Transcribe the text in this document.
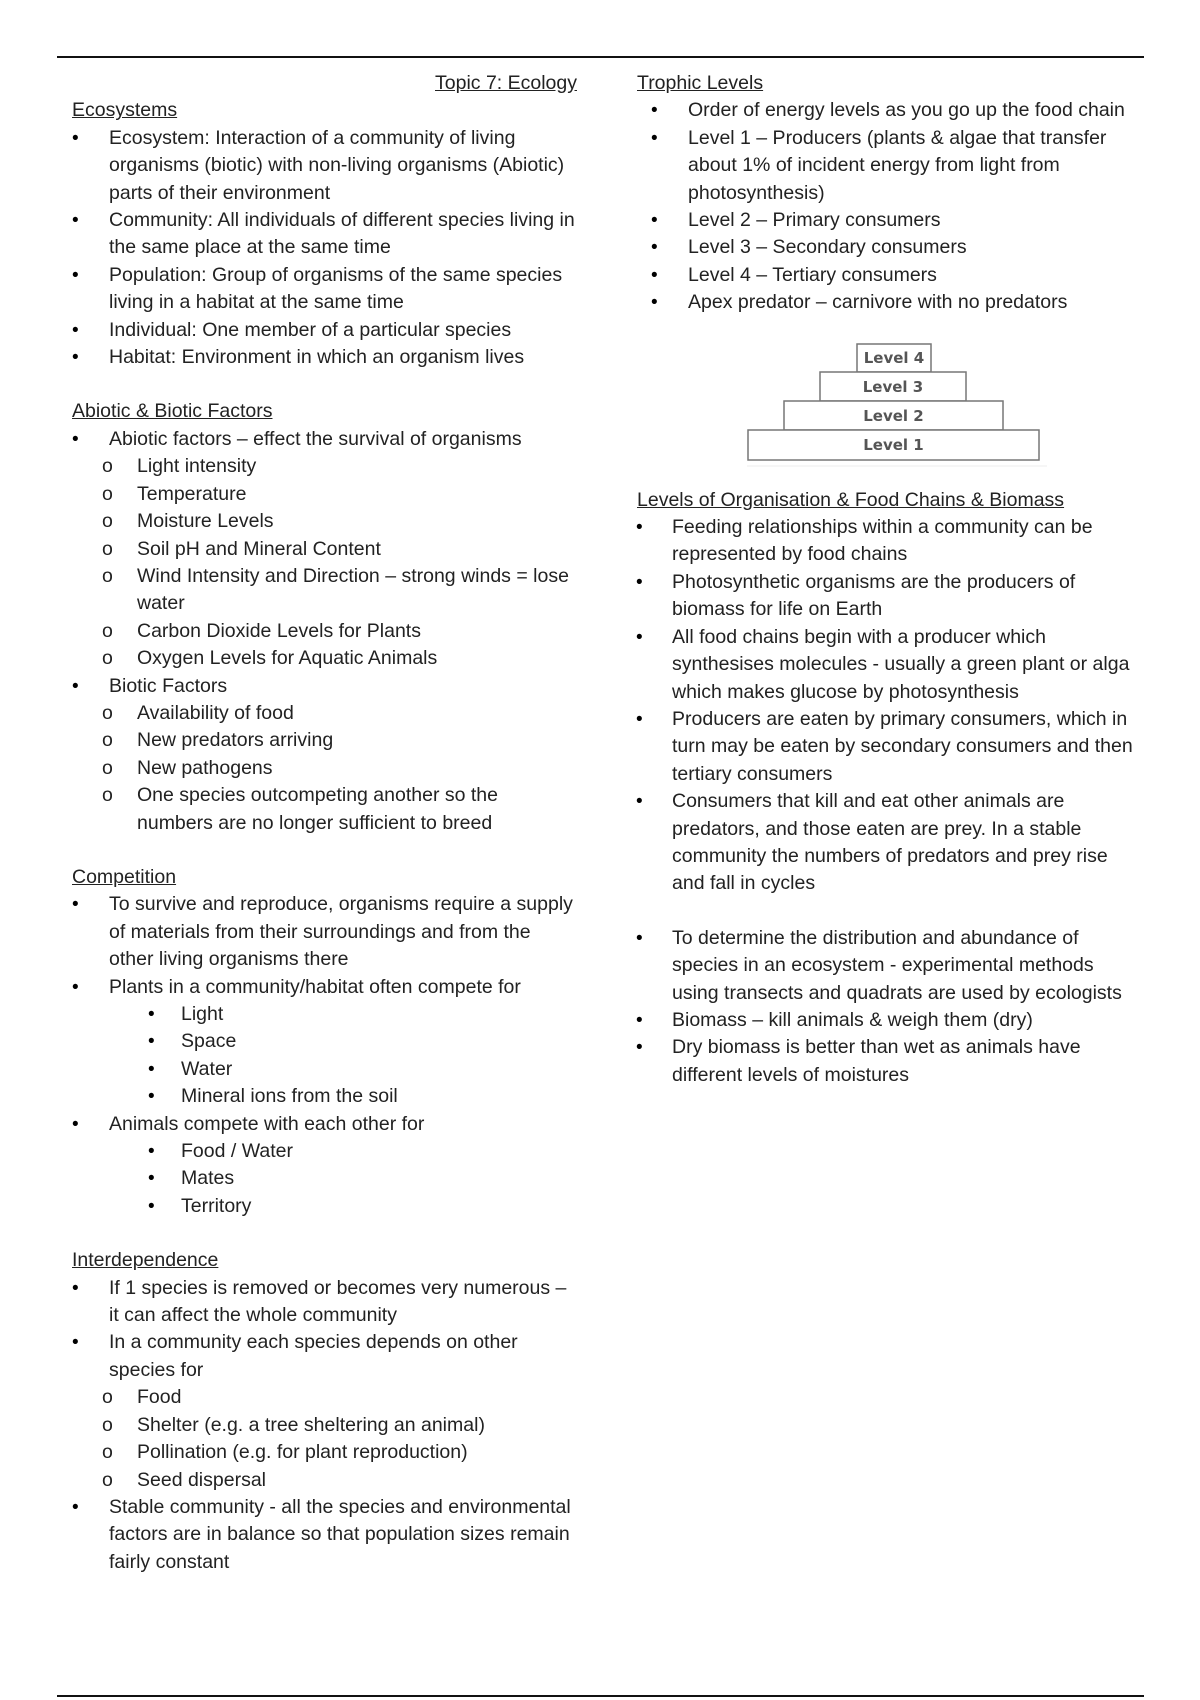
Topic 7: Ecology
Ecosystems
• Ecosystem: Interaction of a community of living organisms (biotic) with non-living organisms (Abiotic) parts of their environment
• Community: All individuals of different species living in the same place at the same time
• Population: Group of organisms of the same species living in a habitat at the same time
• Individual: One member of a particular species
• Habitat: Environment in which an organism lives
Abiotic & Biotic Factors
• Abiotic factors – effect the survival of organisms
o Light intensity
o Temperature
o Moisture Levels
o Soil pH and Mineral Content
o Wind Intensity and Direction – strong winds = lose water
o Carbon Dioxide Levels for Plants
o Oxygen Levels for Aquatic Animals
• Biotic Factors
o Availability of food
o New predators arriving
o New pathogens
o One species outcompeting another so the numbers are no longer sufficient to breed
Competition
• To survive and reproduce, organisms require a supply of materials from their surroundings and from the other living organisms there
• Plants in a community/habitat often compete for
• Light
• Space
• Water
• Mineral ions from the soil
• Animals compete with each other for
• Food / Water
• Mates
• Territory
Interdependence
• If 1 species is removed or becomes very numerous – it can affect the whole community
• In a community each species depends on other species for
o Food
o Shelter (e.g. a tree sheltering an animal)
o Pollination (e.g. for plant reproduction)
o Seed dispersal
• Stable community - all the species and environmental factors are in balance so that population sizes remain fairly constant
Trophic Levels
• Order of energy levels as you go up the food chain
• Level 1 – Producers (plants & algae that transfer about 1% of incident energy from light from photosynthesis)
• Level 2 – Primary consumers
• Level 3 – Secondary consumers
• Level 4 – Tertiary consumers
• Apex predator – carnivore with no predators
Level 4
Level 3
Level 2
Level 1
Levels of Organisation & Food Chains & Biomass
• Feeding relationships within a community can be represented by food chains
• Photosynthetic organisms are the producers of biomass for life on Earth
• All food chains begin with a producer which synthesises molecules - usually a green plant or alga which makes glucose by photosynthesis
• Producers are eaten by primary consumers, which in turn may be eaten by secondary consumers and then tertiary consumers
• Consumers that kill and eat other animals are predators, and those eaten are prey. In a stable community the numbers of predators and prey rise and fall in cycles
• To determine the distribution and abundance of species in an ecosystem - experimental methods using transects and quadrats are used by ecologists
• Biomass – kill animals & weigh them (dry)
• Dry biomass is better than wet as animals have different levels of moistures
